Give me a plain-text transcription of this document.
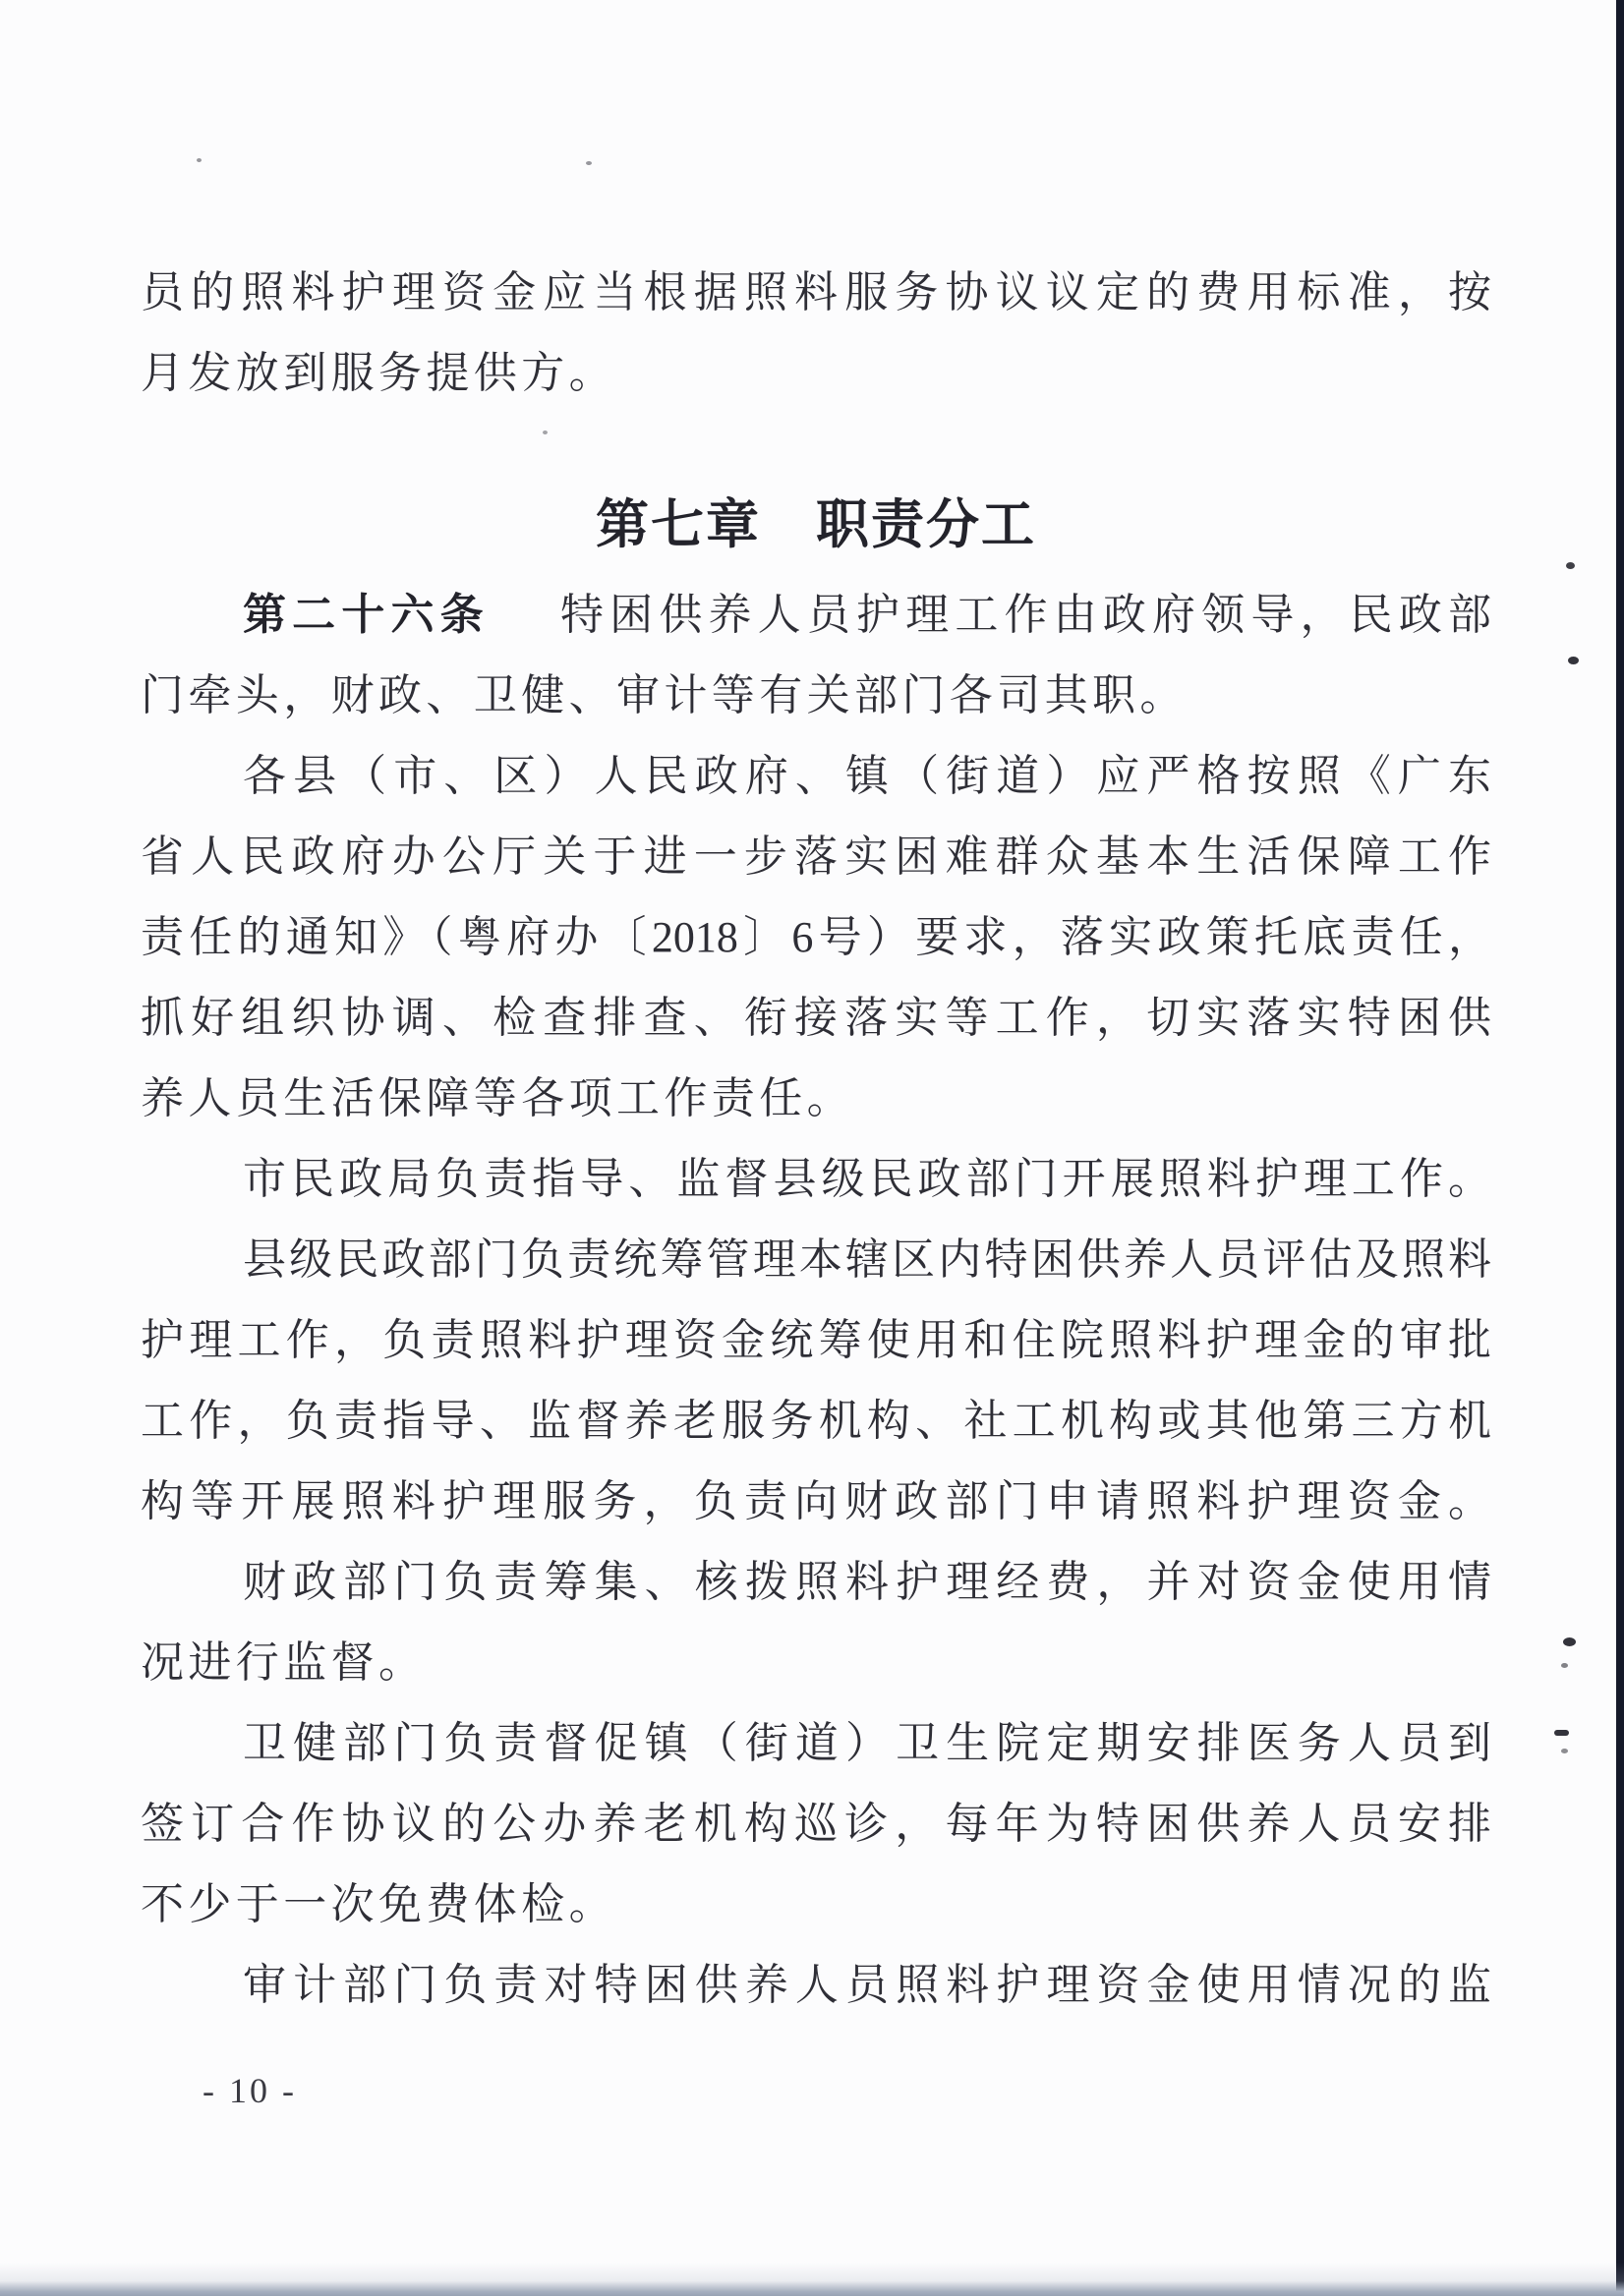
员的照料护理资金应当根据照料服务协议议定的费用标准，按
月发放到服务提供方。
第七章　职责分工
第二十六条 特困供养人员护理工作由政府领导，民政部
门牵头，财政、卫健、审计等有关部门各司其职。
各县（市、区）人民政府、镇（街道）应严格按照《广东
省人民政府办公厅关于进一步落实困难群众基本生活保障工作
责任的通知》（粤府办〔2018〕6号）要求，落实政策托底责任，
抓好组织协调、检查排查、衔接落实等工作，切实落实特困供
养人员生活保障等各项工作责任。
市民政局负责指导、监督县级民政部门开展照料护理工作。
县级民政部门负责统筹管理本辖区内特困供养人员评估及照料
护理工作，负责照料护理资金统筹使用和住院照料护理金的审批
工作，负责指导、监督养老服务机构、社工机构或其他第三方机
构等开展照料护理服务，负责向财政部门申请照料护理资金。
财政部门负责筹集、核拨照料护理经费，并对资金使用情
况进行监督。
卫健部门负责督促镇（街道）卫生院定期安排医务人员到
签订合作协议的公办养老机构巡诊，每年为特困供养人员安排
不少于一次免费体检。
审计部门负责对特困供养人员照料护理资金使用情况的监
- 10 -
